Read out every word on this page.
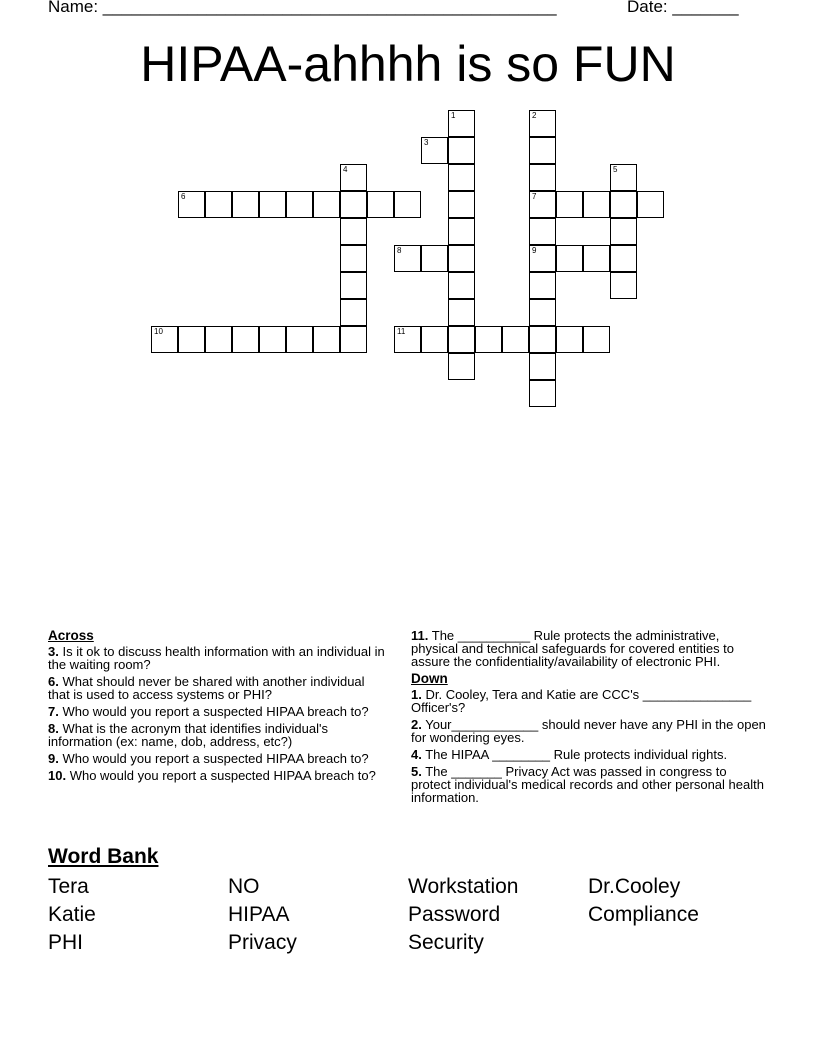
Name: ________________________________________________	Date: _______
HIPAA-ahhhh is so FUN
1	2
7
9
3
4	5
6
8
10	11
Across
3. Is it ok to discuss health information with an individual in the waiting room?
6. What should never be shared with another individual that is used to access systems or PHI?
7. Who would you report a suspected HIPAA breach to?
8. What is the acronym that identifies individual's information (ex: name, dob, address, etc?)
9. Who would you report a suspected HIPAA breach to?
10. Who would you report a suspected HIPAA breach to?
11. The __________ Rule protects the administrative, physical and technical safeguards for covered entities to assure the confidentiality/availability of electronic PHI.
Down
1. Dr. Cooley, Tera and Katie are CCC's _______________ Officer's?
2. Your____________ should never have any PHI in the open for wondering eyes.
4. The HIPAA ________ Rule protects individual rights.
5. The _______ Privacy Act was passed in congress to protect individual's medical records and other personal health information.
Word Bank
Tera	NO	Workstation	Dr.Cooley
Katie	HIPAA	Password	Compliance
PHI	Privacy	Security
